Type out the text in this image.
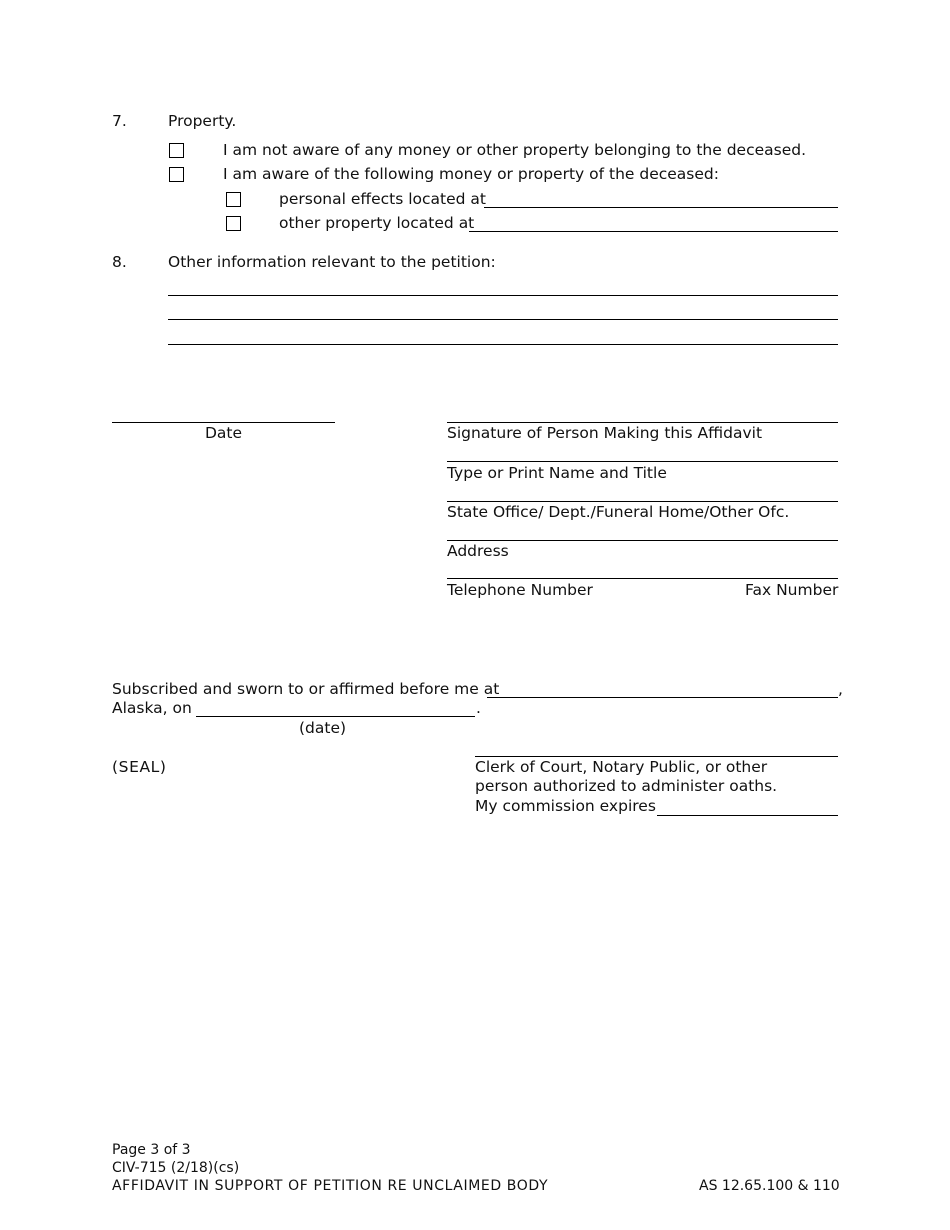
7.	Property.
I am not aware of any money or other property belonging to the deceased.
I am aware of the following money or property of the deceased:
personal effects located at
other property located at
8.	Other information relevant to the petition:
Date	Signature of Person Making this Affidavit
Type or Print Name and Title
State Office/ Dept./Funeral Home/Other Ofc.
Address
Telephone Number	Fax Number
Subscribed and sworn to or affirmed before me at	,
Alaska, on	.
(date)
(SEAL)	Clerk of Court, Notary Public, or other
person authorized to administer oaths.
My commission expires
Page 3 of 3
CIV-715 (2/18)(cs)
AFFIDAVIT IN SUPPORT OF PETITION RE UNCLAIMED BODY	AS 12.65.100 & 110
